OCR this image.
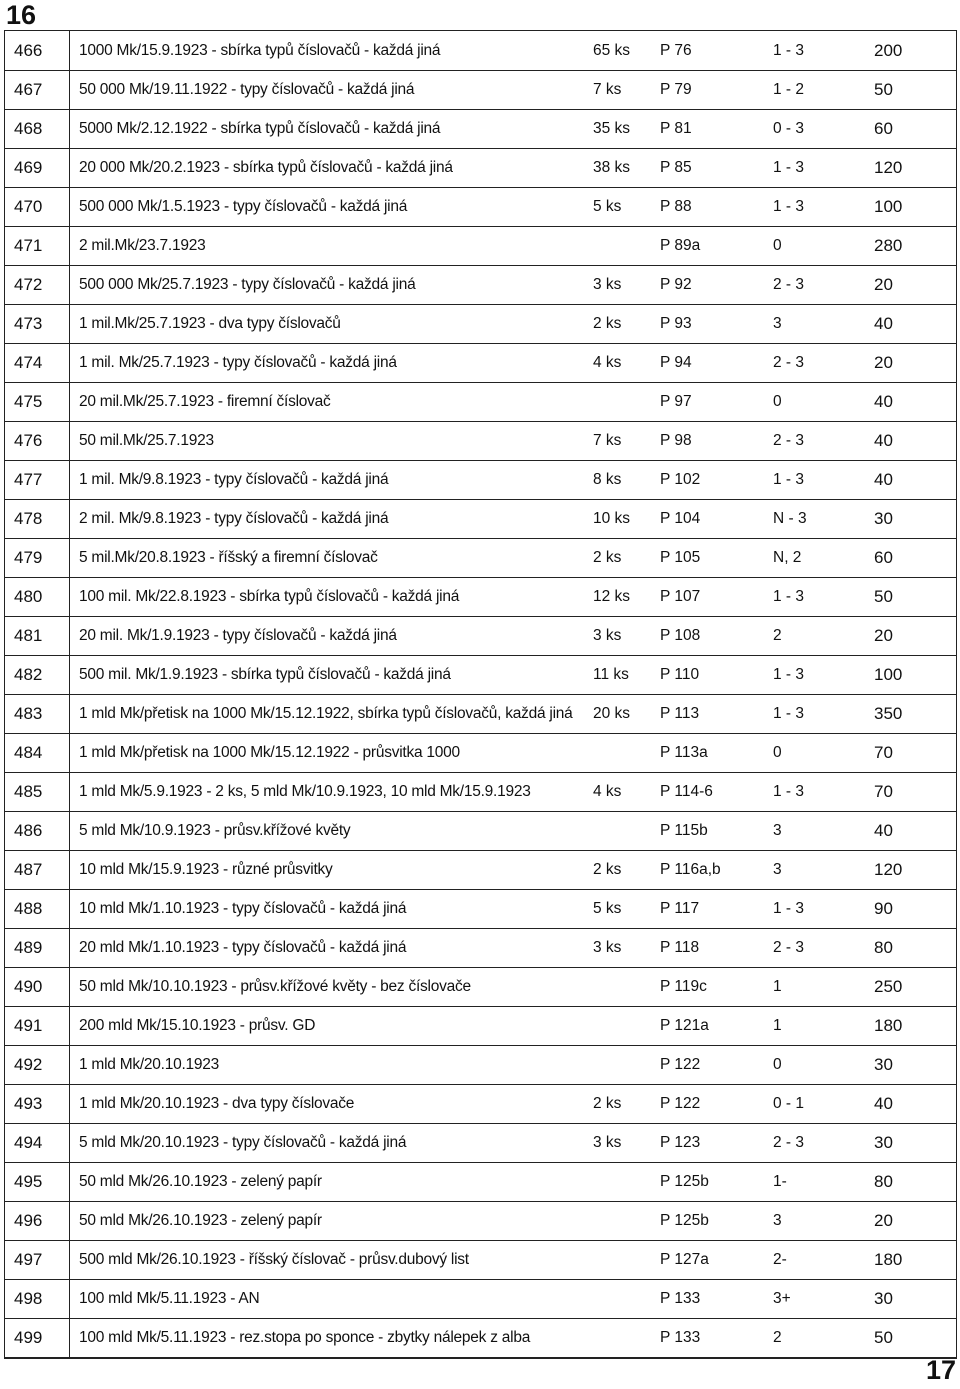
16
466	1000 Mk/15.9.1923 - sbírka typů číslovačů - každá jiná	65 ks	P 76	1 - 3	200	
467	50 000 Mk/19.11.1922 - typy číslovačů - každá jiná	7 ks	P 79	1 - 2	50	
468	5000 Mk/2.12.1922 - sbírka typů číslovačů - každá jiná	35 ks	P 81	0 - 3	60	
469	20 000 Mk/20.2.1923 - sbírka typů číslovačů - každá jiná	38 ks	P 85	1 - 3	120	
470	500 000 Mk/1.5.1923 - typy číslovačů - každá jiná	5 ks	P 88	1 - 3	100	
471	2 mil.Mk/23.7.1923		P 89a	0	280	
472	500 000 Mk/25.7.1923 - typy číslovačů - každá jiná	3 ks	P 92	2 - 3	20	
473	1 mil.Mk/25.7.1923 - dva typy číslovačů	2 ks	P 93	3	40	
474	1 mil. Mk/25.7.1923 - typy číslovačů - každá jiná	4 ks	P 94	2 - 3	20	
475	20 mil.Mk/25.7.1923 - firemní číslovač		P 97	0	40	
476	50 mil.Mk/25.7.1923	7 ks	P 98	2 - 3	40	
477	1 mil. Mk/9.8.1923 - typy číslovačů - každá jiná	8 ks	P 102	1 - 3	40	
478	2 mil. Mk/9.8.1923 - typy číslovačů - každá jiná	10 ks	P 104	N - 3	30	
479	5 mil.Mk/20.8.1923 - říšský a firemní číslovač	2 ks	P 105	N, 2	60	
480	100 mil. Mk/22.8.1923 - sbírka typů číslovačů - každá jiná	12 ks	P 107	1 - 3	50	
481	20 mil. Mk/1.9.1923 - typy číslovačů - každá jiná	3 ks	P 108	2	20	
482	500 mil. Mk/1.9.1923 - sbírka typů číslovačů - každá jiná	11 ks	P 110	1 - 3	100	
483	1 mld Mk/přetisk na 1000 Mk/15.12.1922, sbírka typů číslovačů, každá jiná	20 ks	P 113	1 - 3	350	
484	1 mld Mk/přetisk na 1000 Mk/15.12.1922 - průsvitka 1000		P 113a	0	70	
485	1 mld Mk/5.9.1923 - 2 ks, 5 mld Mk/10.9.1923, 10 mld Mk/15.9.1923	4 ks	P 114-6	1 - 3	70	
486	5 mld Mk/10.9.1923 - průsv.křížové květy		P 115b	3	40	
487	10 mld Mk/15.9.1923 - různé průsvitky	2 ks	P 116a,b	3	120	
488	10 mld Mk/1.10.1923 - typy číslovačů - každá jiná	5 ks	P 117	1 - 3	90	
489	20 mld Mk/1.10.1923 - typy číslovačů - každá jiná	3 ks	P 118	2 - 3	80	
490	50 mld Mk/10.10.1923 - průsv.křížové květy - bez číslovače		P 119c	1	250	
491	200 mld Mk/15.10.1923 - průsv. GD		P 121a	1	180	
492	1 mld Mk/20.10.1923		P 122	0	30	
493	1 mld Mk/20.10.1923 - dva typy číslovače	2 ks	P 122	0 - 1	40	
494	5 mld Mk/20.10.1923 - typy číslovačů - každá jiná	3 ks	P 123	2 - 3	30	
495	50 mld Mk/26.10.1923 - zelený papír		P 125b	1-	80	
496	50 mld Mk/26.10.1923 - zelený papír		P 125b	3	20	
497	500 mld Mk/26.10.1923 - říšský číslovač - průsv.dubový list		P 127a	2-	180	
498	100 mld Mk/5.11.1923 - AN		P 133	3+	30	
499	100 mld Mk/5.11.1923 - rez.stopa po sponce - zbytky nálepek z alba		P 133	2	50	
17
